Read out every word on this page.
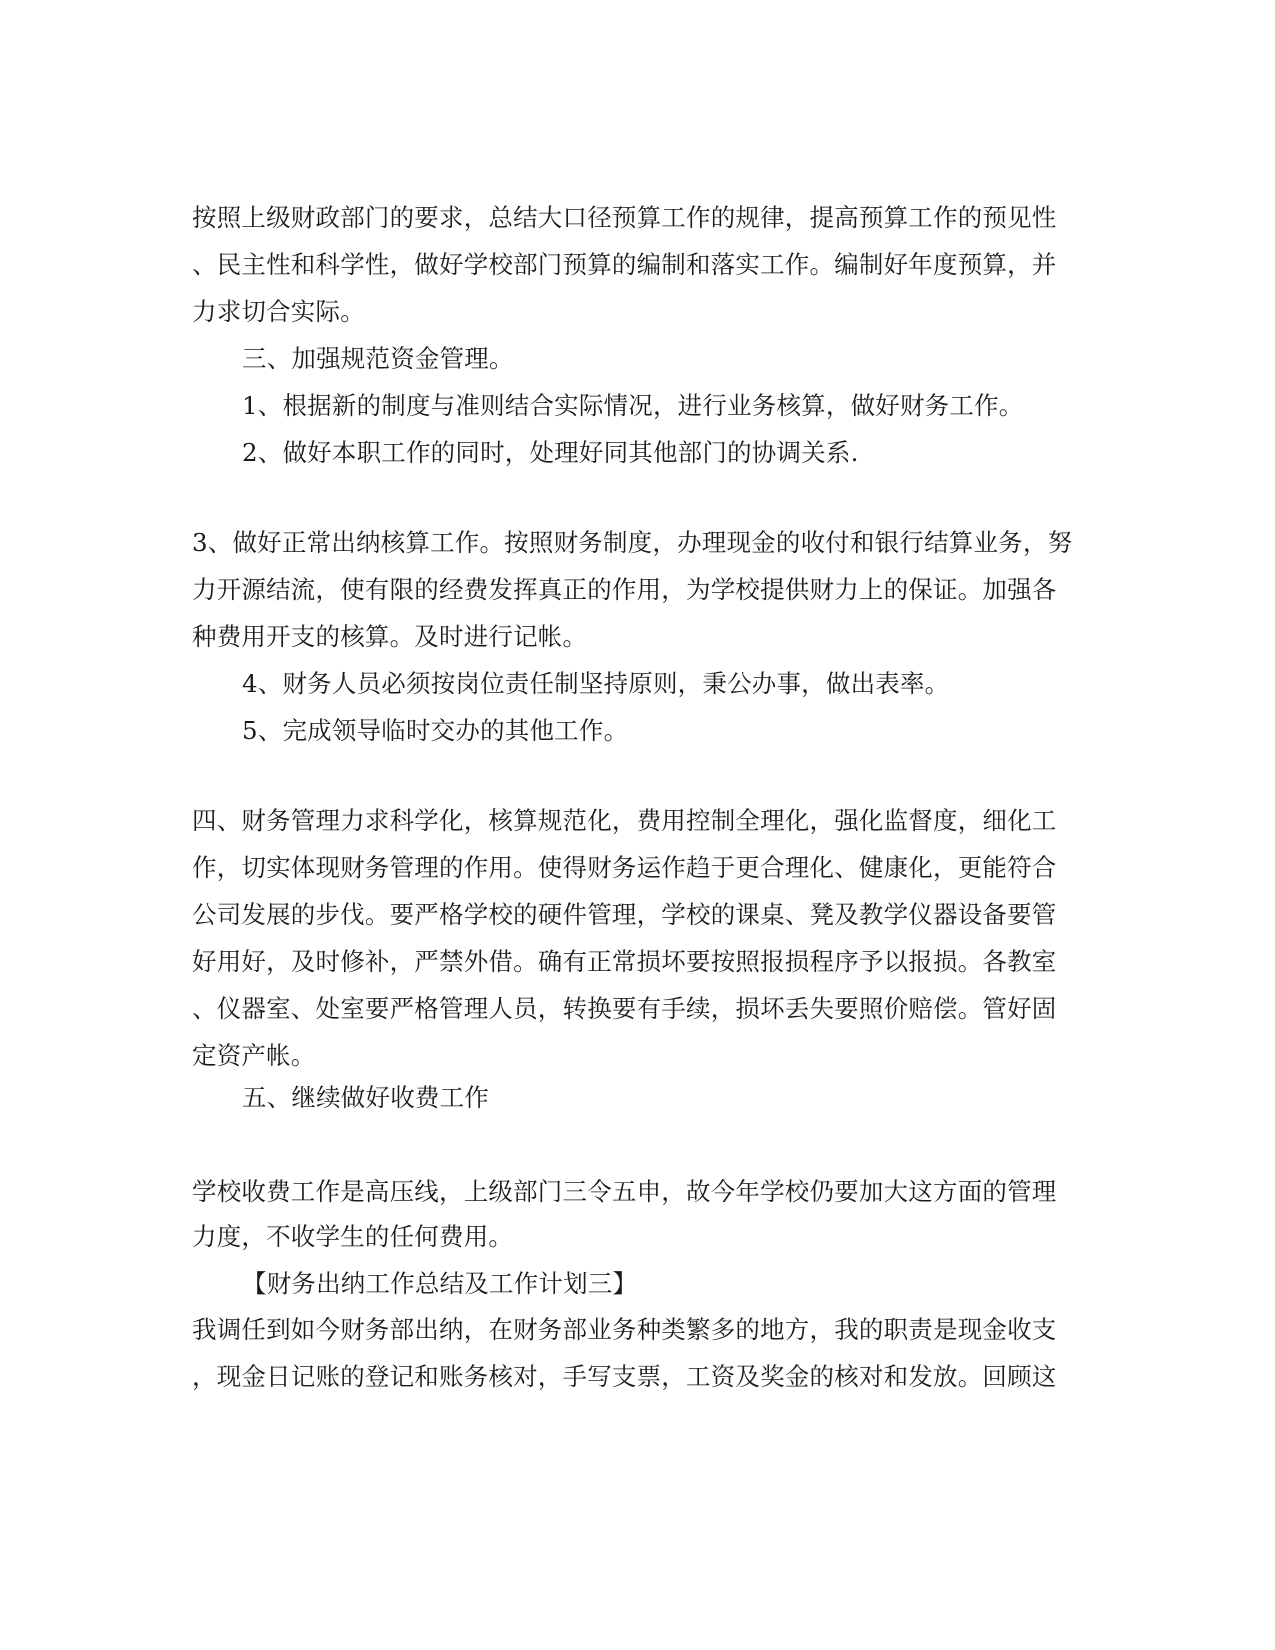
按照上级财政部门的要求，总结大口径预算工作的规律，提高预算工作的预见性
、民主性和科学性，做好学校部门预算的编制和落实工作。编制好年度预算，并
力求切合实际。
三、加强规范资金管理。
1、根据新的制度与准则结合实际情况，进行业务核算，做好财务工作。
2、做好本职工作的同时，处理好同其他部门的协调关系.
3、做好正常出纳核算工作。按照财务制度，办理现金的收付和银行结算业务，努
力开源结流，使有限的经费发挥真正的作用，为学校提供财力上的保证。加强各
种费用开支的核算。及时进行记帐。
4、财务人员必须按岗位责任制坚持原则，秉公办事，做出表率。
5、完成领导临时交办的其他工作。
四、财务管理力求科学化，核算规范化，费用控制全理化，强化监督度，细化工
作，切实体现财务管理的作用。使得财务运作趋于更合理化、健康化，更能符合
公司发展的步伐。要严格学校的硬件管理，学校的课桌、凳及教学仪器设备要管
好用好，及时修补，严禁外借。确有正常损坏要按照报损程序予以报损。各教室
、仪器室、处室要严格管理人员，转换要有手续，损坏丢失要照价赔偿。管好固
定资产帐。
五、继续做好收费工作
学校收费工作是高压线，上级部门三令五申，故今年学校仍要加大这方面的管理
力度，不收学生的任何费用。
【财务出纳工作总结及工作计划三】
我调任到如今财务部出纳，在财务部业务种类繁多的地方，我的职责是现金收支
，现金日记账的登记和账务核对，手写支票，工资及奖金的核对和发放。回顾这
